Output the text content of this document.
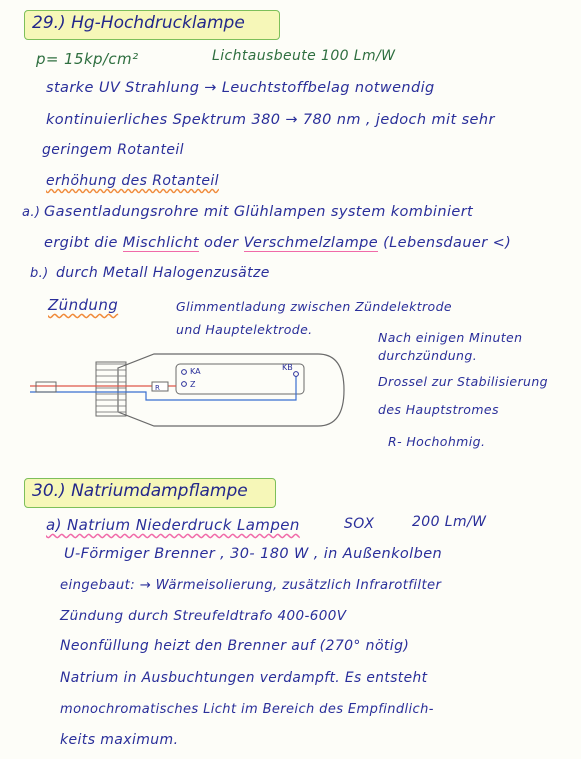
29.) Hg-Hochdrucklampe
p= 15kp/cm²	Lichtausbeute 100 Lm/W
starke UV Strahlung → Leuchtstoffbelag notwendig
kontinuierliches Spektrum 380 → 780 nm , jedoch mit sehr
geringem Rotanteil
erhöhung des Rotanteil
a.) Gasentladungsrohre mit Glühlampen system kombiniert
ergibt die Mischlicht oder Verschmelzlampe (Lebensdauer <)
b.) durch Metall Halogenzusätze
Zündung	Glimmentladung zwischen Zündelektrode
und Hauptelektrode.
Nach einigen Minuten
durchzündung.
Drossel zur Stabilisierung
des Hauptstromes
R- Hochohmig.
R
KA
Z
KB
30.) Natriumdampflampe
a) Natrium Niederdruck Lampen	SOX	200 Lm/W
U-Förmiger Brenner , 30- 180 W , in Außenkolben
eingebaut: → Wärmeisolierung, zusätzlich Infrarotfilter
Zündung durch Streufeldtrafo 400-600V
Neonfüllung heizt den Brenner auf (270° nötig)
Natrium in Ausbuchtungen verdampft. Es entsteht
monochromatisches Licht im Bereich des Empfindlich-
keits maximum.
